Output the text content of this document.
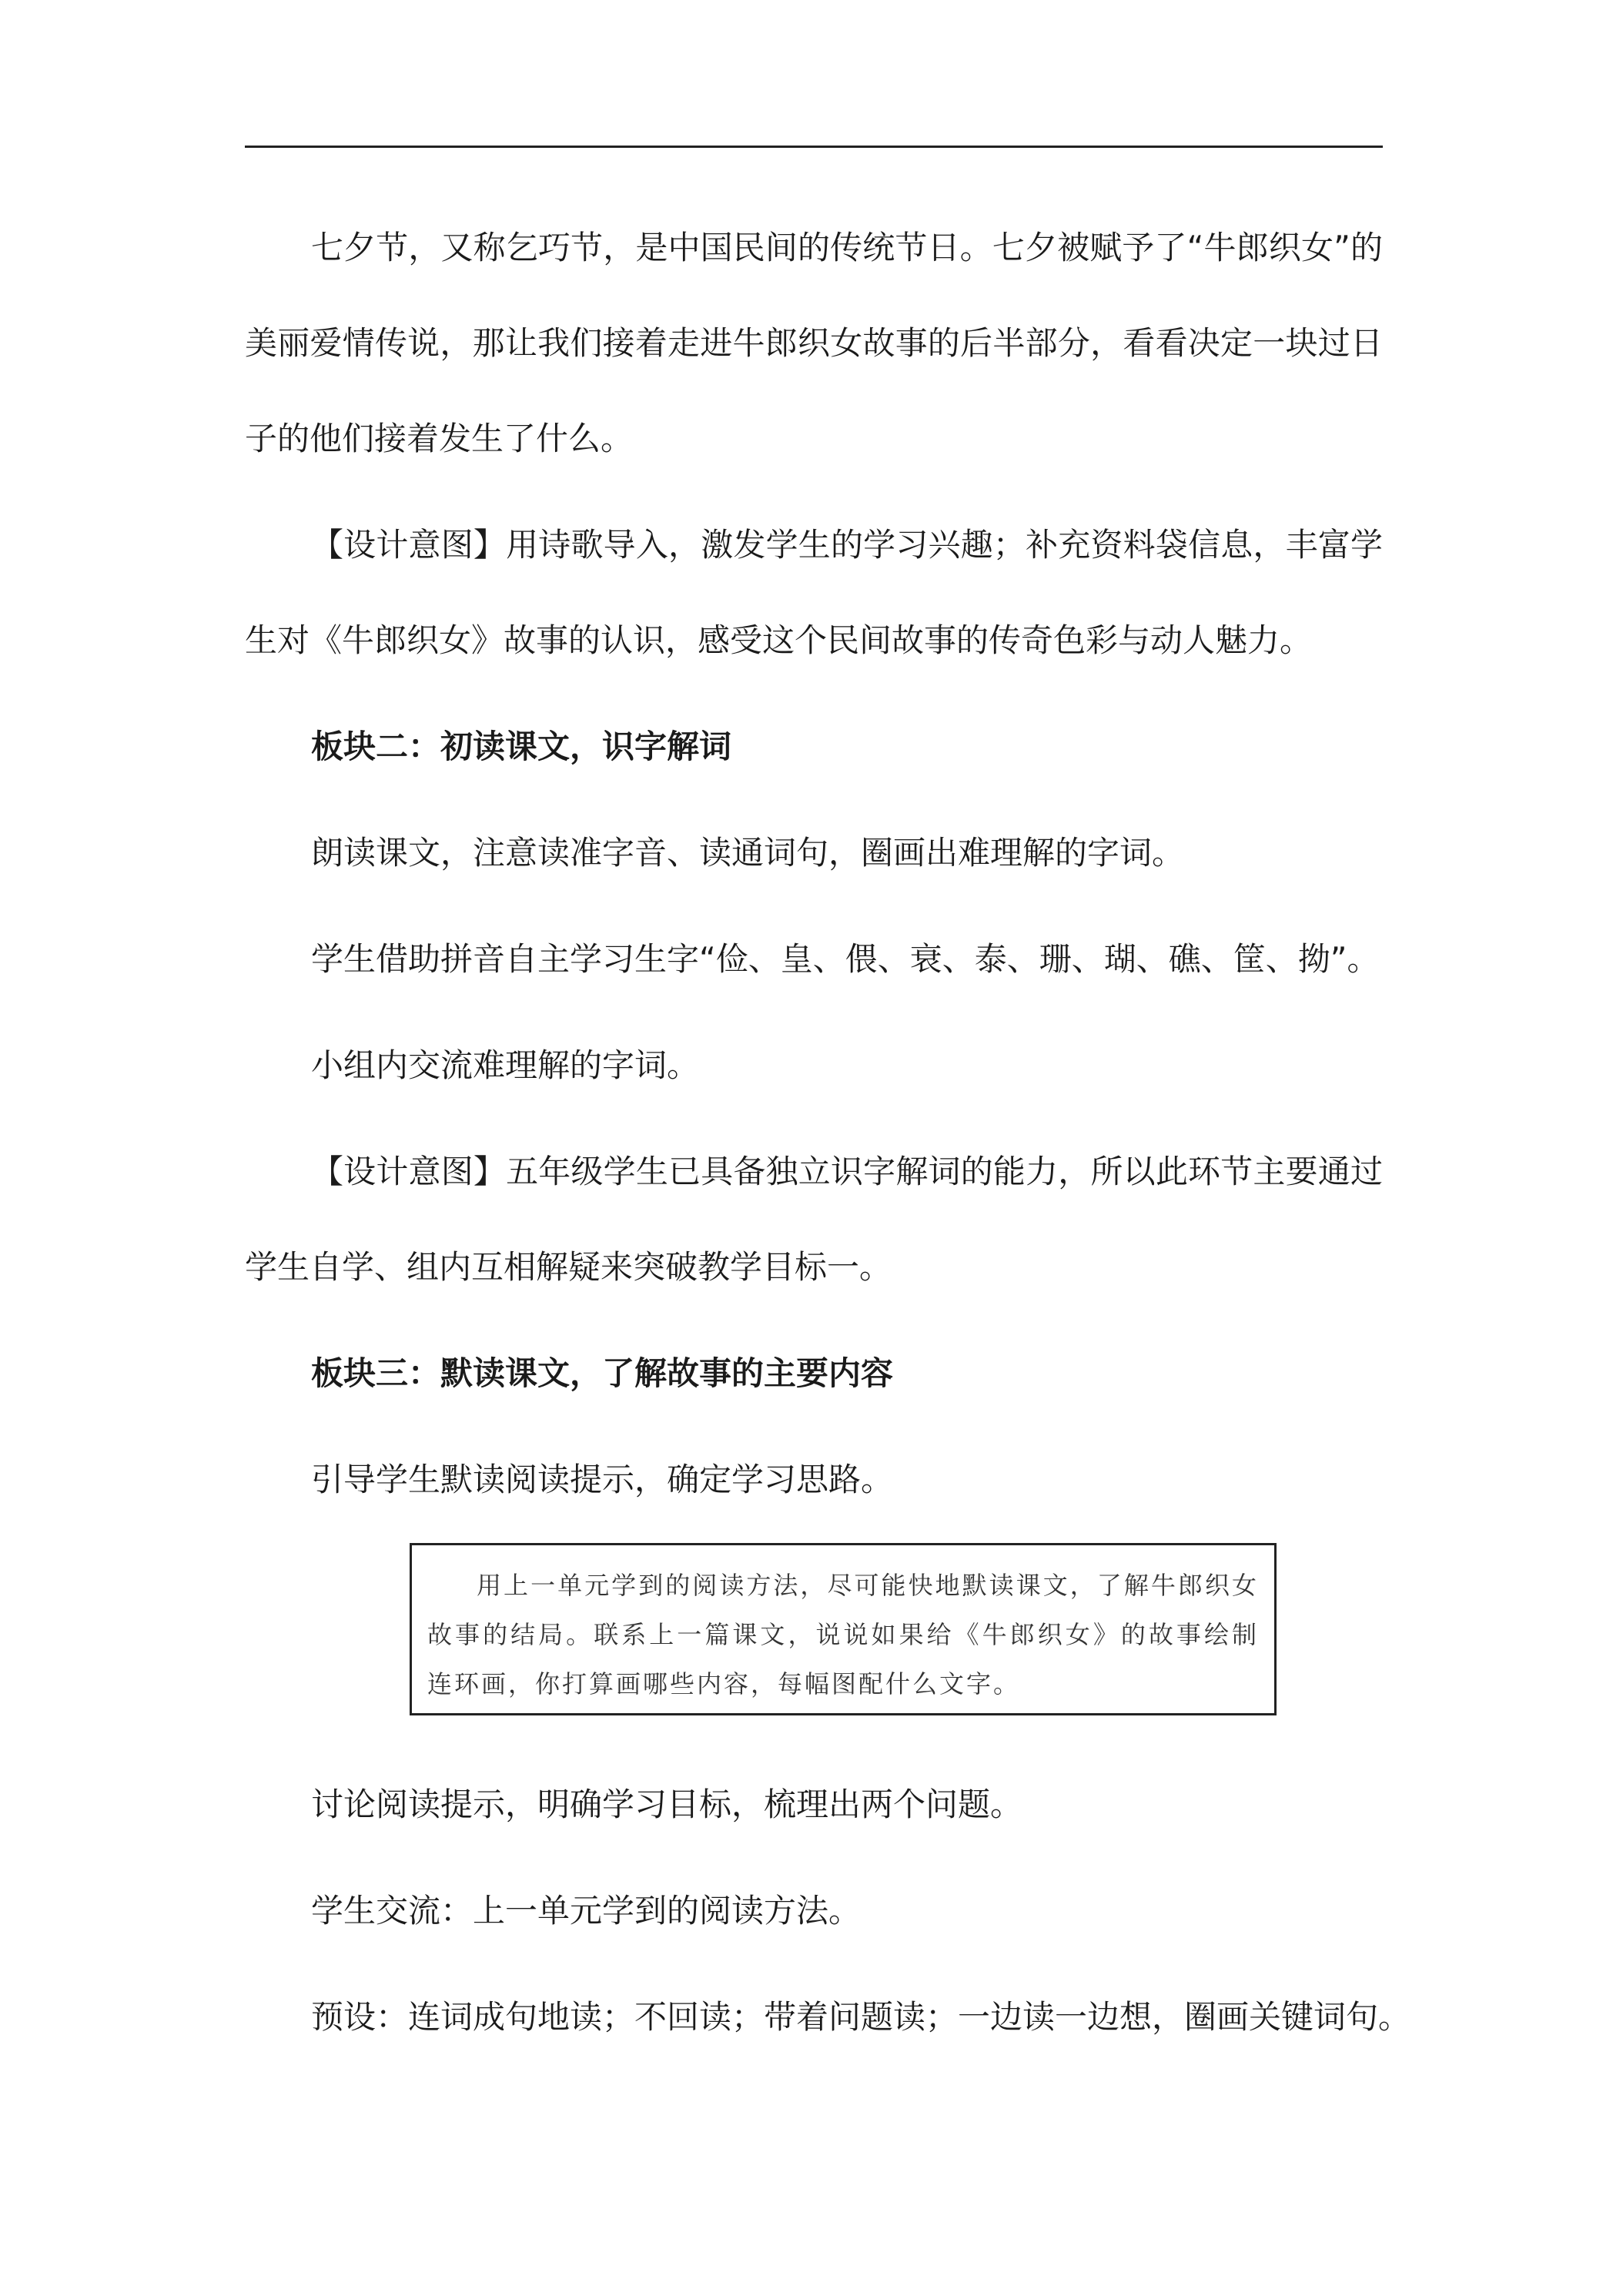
七夕节，又称乞巧节，是中国民间的传统节日。七夕被赋予了“牛郎织女”的美丽爱情传说，那让我们接着走进牛郎织女故事的后半部分，看看决定一块过日子的他们接着发生了什么。

【设计意图】用诗歌导入，激发学生的学习兴趣；补充资料袋信息，丰富学生对《牛郎织女》故事的认识，感受这个民间故事的传奇色彩与动人魅力。

板块二：初读课文，识字解词

朗读课文，注意读准字音、读通词句，圈画出难理解的字词。

学生借助拼音自主学习生字“俭、皇、偎、衰、泰、珊、瑚、礁、筐、拗”。

小组内交流难理解的字词。

【设计意图】五年级学生已具备独立识字解词的能力，所以此环节主要通过学生自学、组内互相解疑来突破教学目标一。

板块三：默读课文，了解故事的主要内容

引导学生默读阅读提示，确定学习思路。

用上一单元学到的阅读方法，尽可能快地默读课文，了解牛郎织女故事的结局。联系上一篇课文，说说如果给《牛郎织女》的故事绘制连环画，你打算画哪些内容，每幅图配什么文字。

讨论阅读提示，明确学习目标，梳理出两个问题。

学生交流：上一单元学到的阅读方法。

预设：连词成句地读；不回读；带着问题读；一边读一边想，圈画关键词句。
